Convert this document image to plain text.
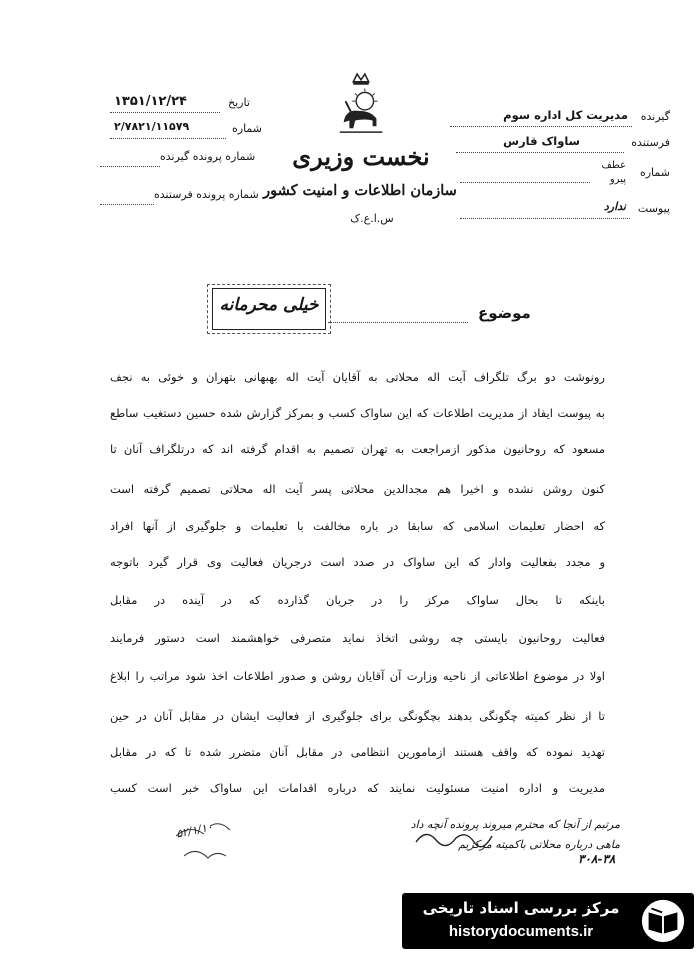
۱۳۵۱/۱۲/۲۴	تاریخ
۲/۷۸۲۱/۱۱۵۷۹	شماره
شماره پرونده گیرنده
شماره پرونده فرستنده
نخست وزیری
سازمان اطلاعات و امنیت کشور
س.ا.ع.ک
گیرنده
مدیریت کل اداره سوم
فرستنده
ساواک قارس
شماره
عطف
پیرو
پیوست
ندارد
موضوع
خیلی محرمانه
رونوشت دو برگ تلگراف آیت اله محلاتی به آقایان آیت اله بهبهانی بتهران و خوئی به نجف
به پیوست ایفاد از مدیریت اطلاعات که این ساواک کسب و بمرکز گزارش شده حسین دستغیب ساطع
مسعود که روحانیون مذکور ازمراجعت به تهران تصمیم به اقدام گرفته اند که درتلگراف آنان تا
کنون روشن نشده و اخیرا هم مجدالدین محلاتی پسر آیت اله محلاتی تصمیم گرفته است
که احضار تعلیمات اسلامی که سابقا در باره مخالفت با تعلیمات و جلوگیری از آنها افراد
و مجدد بفعالیت وادار که این ساواک در صدد است درجریان فعالیت وی قرار گیرد باتوجه
باینکه تا بحال ساواک مرکز را در جریان گذارده که در آینده در مقابل
فعالیت روحانیون بایستی چه روشی اتخاذ نماید متصرفی خواهشمند است دستور فرمایند
اولا در موضوع اطلاعاتی از ناحیه وزارت آن آقایان روشن و صدور اطلاعات اخذ شود مراتب را ابلاغ
تا از نظر کمیته چگونگی بدهند بچگونگی برای جلوگیری از فعالیت ایشان در مقابل آنان در حین
تهدید نموده که واقف هستند ازمامورین انتظامی در مقابل آنان متضرر شده تا که در مقابل
مدیریت و اداره امنیت مسئولیت نمایند که درباره اقدامات این ساواک خبر است کسب
مرتبم از آنجا که محترم میروند پرونده آنچه داد
ماهی درباره محلاتی باکمیته مرکزیم
۳۰۸-۳۸
۵۲/۱/۱۰
مرکز بررسی اسناد تاریخی
historydocuments.ir
